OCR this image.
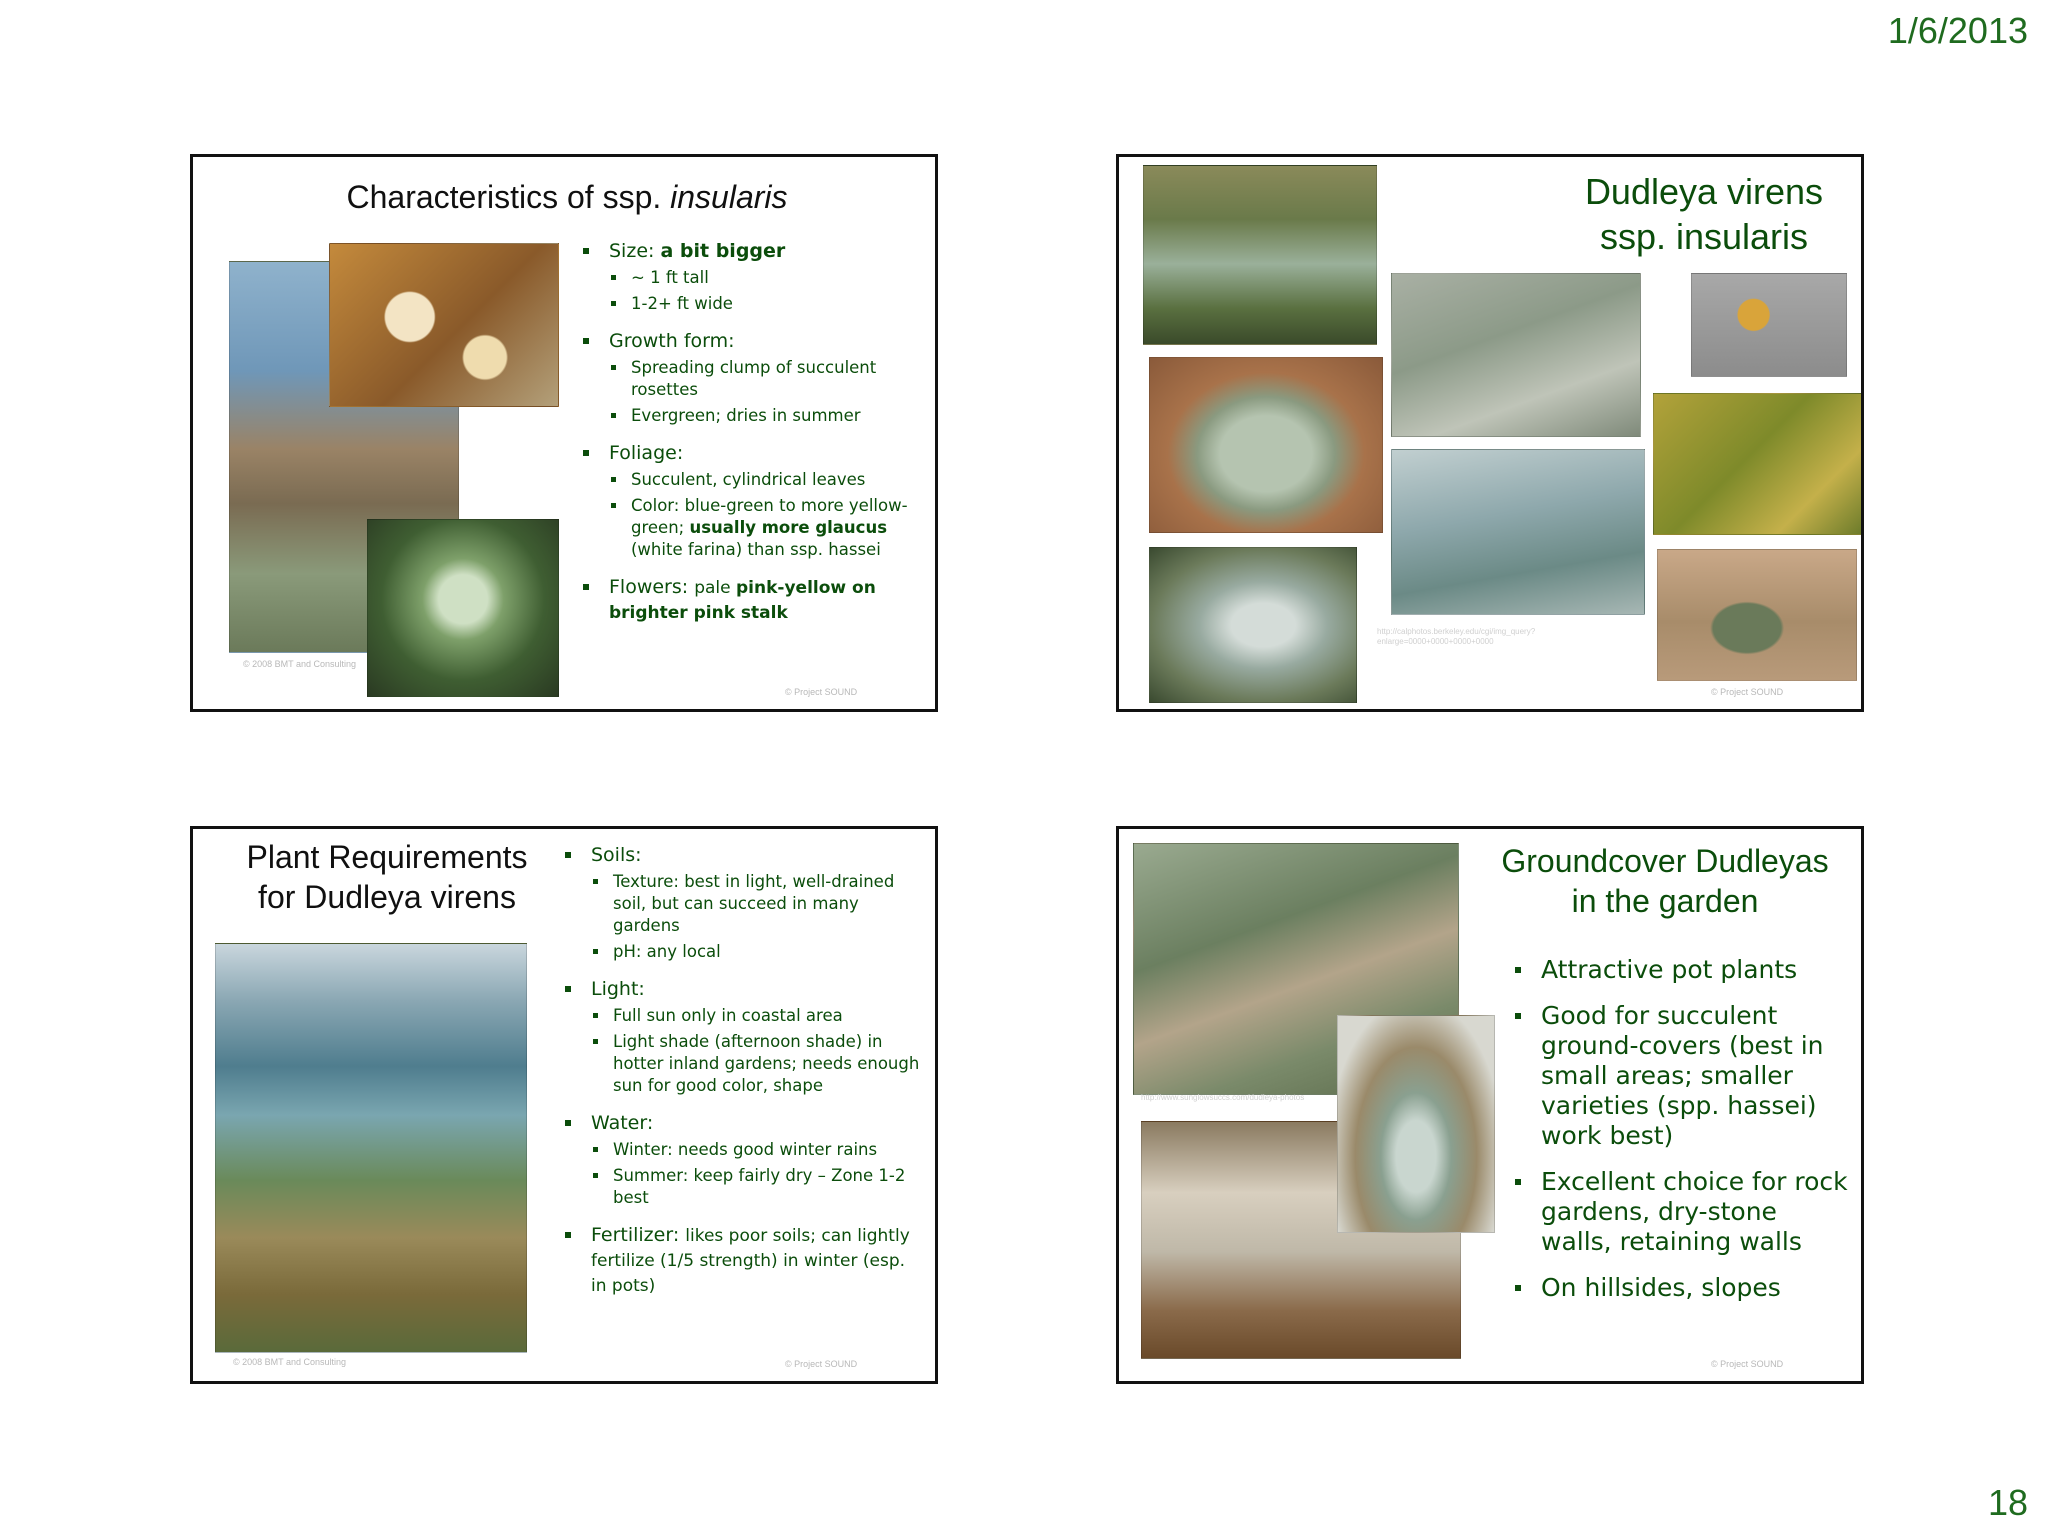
1/6/2013
Characteristics of ssp. insularis
© 2008 BMT and Consulting
Size: a bit bigger
~ 1 ft tall
1-2+ ft wide
Growth form:
Spreading clump of succulent rosettes
Evergreen; dries in summer
Foliage:
Succulent, cylindrical leaves
Color: blue-green to more yellow-green; usually more glaucus (white farina) than ssp. hassei
Flowers: pale pink-yellow on brighter pink stalk
© Project SOUND
Dudleya virens
ssp. insularis
http://calphotos.berkeley.edu/cgi/img_query?enlarge=0000+0000+0000+0000
© Project SOUND
Plant Requirements
for Dudleya virens
© 2008 BMT and Consulting
Soils:
Texture: best in light, well-drained soil, but can succeed in many gardens
pH: any local
Light:
Full sun only in coastal area
Light shade (afternoon shade) in hotter inland gardens; needs enough sun for good color, shape
Water:
Winter: needs good winter rains
Summer: keep fairly dry – Zone 1-2 best
Fertilizer: likes poor soils; can lightly fertilize (1/5 strength) in winter (esp. in pots)
© Project SOUND
Groundcover Dudleyas
in the garden
http://www.sunglowsuccs.com/dudleya-photos
Attractive pot plants
Good for succulent ground-covers (best in small areas; smaller varieties (spp. hassei) work best)
Excellent choice for rock gardens, dry-stone walls, retaining walls
On hillsides, slopes
© Project SOUND
18
